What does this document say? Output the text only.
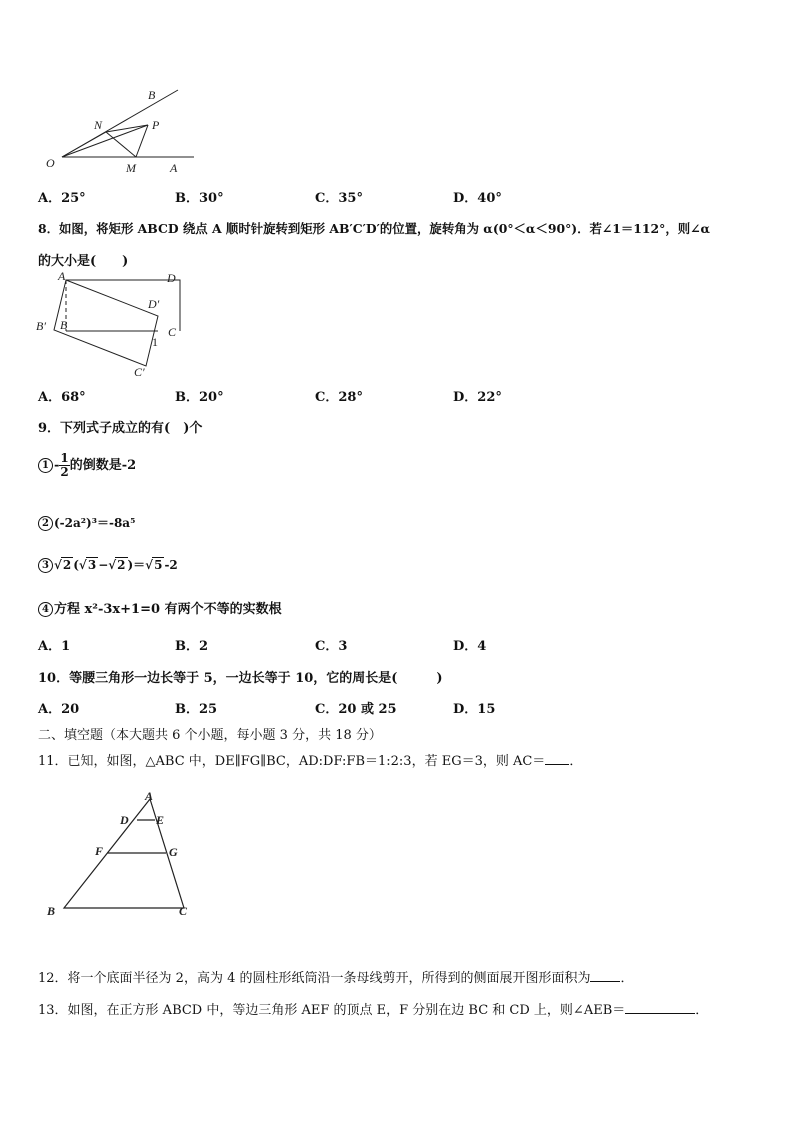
B
N	P
O	M	A
A．25°	B．30°	C．35°	D．40°
8．如图，将矩形 ABCD 绕点 A 顺时针旋转到矩形 AB′C′D′的位置，旋转角为 α(0°＜α＜90°)．若∠1＝112°，则∠α
的大小是(　　)
A	D
D′
B′ B	C
1
C′
A．68°	B．20°	C．28°	D．22°
9．下列式子成立的有(　)个
$1 - \frac{1}{2}$ 的倒数是-2
2 (-2a²)³＝-8a⁵
3 √2 (√3 −√2 )＝√5 -2
4 方程 x²-3x+1=0 有两个不等的实数根
A．1	B．2	C．3	D．4
10．等腰三角形一边长等于 5，一边长等于 10，它的周长是(　　　)
A．20	B．25	C．20 或 25	D．15
二、填空题（本大题共 6 个小题，每小题 3 分，共 18 分）
11．已知，如图，△ABC 中，DE∥FG∥BC，AD:DF:FB＝1:2:3，若 EG＝3，则 AC＝ ．
A
D E
F	G
B	C
12．将一个底面半径为 2，高为 4 的圆柱形纸筒沿一条母线剪开，所得到的侧面展开图形面积为 ．
13．如图，在正方形 ABCD 中，等边三角形 AEF 的顶点 E，F 分别在边 BC 和 CD 上，则∠AEB＝	．
